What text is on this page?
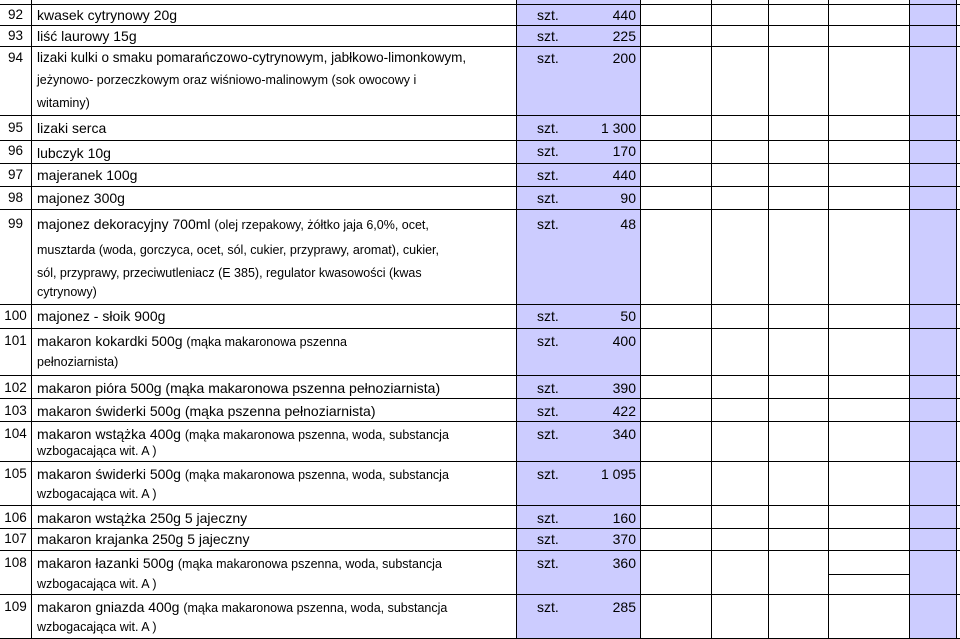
92 kwasek cytrynowy 20g	szt.	440
93 liść laurowy 15g	szt.	225
94	lizaki kulki o smaku pomarańczowo-cytrynowym, jabłkowo-limonkowym,
jeżynowo- porzeczkowym oraz wiśniowo-malinowym (sok owocowy i
witaminy)
szt.	200
95 lizaki serca	szt.	1 300
96 lubczyk 10g	szt.	170
97 majeranek 100g	szt.	440
98 majonez 300g	szt.	90
99 majonez dekoracyjny 700ml (olej rzepakowy, żółtko jaja 6,0%, ocet,
musztarda (woda, gorczyca, ocet, sól, cukier, przyprawy, aromat), cukier,
sól, przyprawy, przeciwutleniacz (E 385), regulator kwasowości (kwas
cytrynowy)
szt.	48
100 majonez - słoik 900g	szt.	50
101 makaron kokardki 500g (mąka makaronowa pszenna
pełnoziarnista)
szt.	400
102 makaron pióra 500g (mąka makaronowa pszenna pełnoziarnista)	szt.	390
103 makaron świderki 500g (mąka pszenna pełnoziarnista)	szt.	422
104 makaron wstążka 400g (mąka makaronowa pszenna, woda, substancja
wzbogacająca wit. A )
szt.	340
105 makaron świderki 500g (mąka makaronowa pszenna, woda, substancja
wzbogacająca wit. A )
szt.	1 095
106 makaron wstążka 250g 5 jajeczny	szt.	160
107 makaron krajanka 250g 5 jajeczny	szt.	370
108 makaron łazanki 500g (mąka makaronowa pszenna, woda, substancja
wzbogacająca wit. A )
szt.	360
109 makaron gniazda 400g (mąka makaronowa pszenna, woda, substancja
wzbogacająca wit. A )
szt.	285
